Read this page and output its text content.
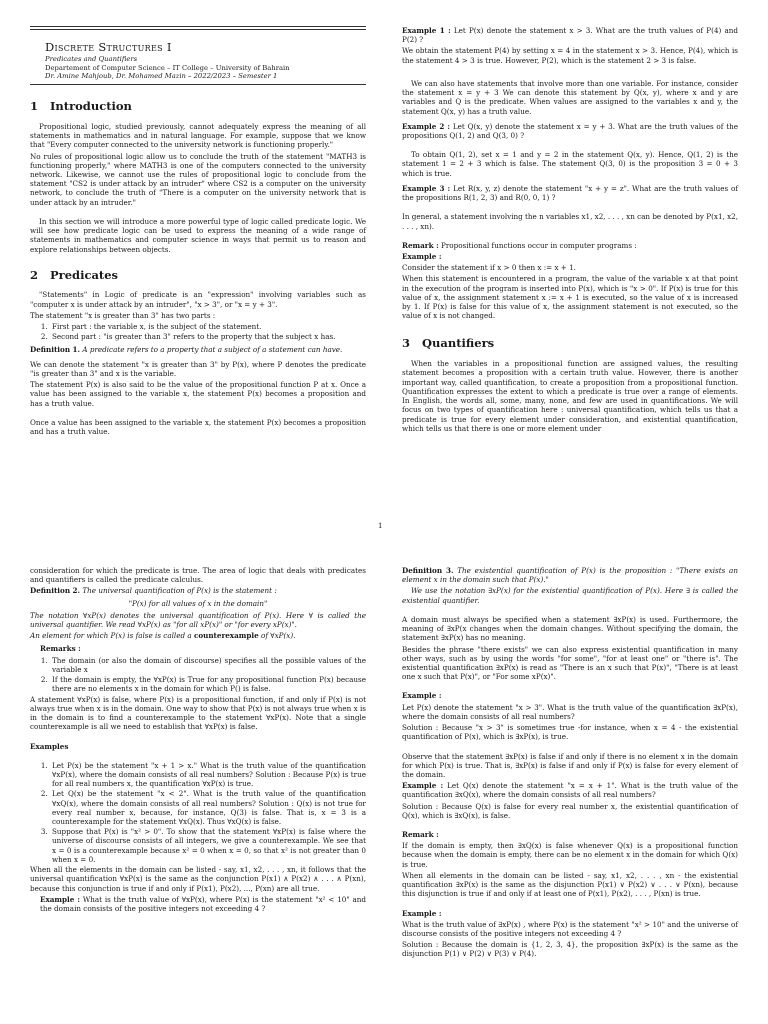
Discrete Structures I
Predicates and Quantifiers
Departement of Computer Science – IT College – University of Bahrain
Dr. Amine Mahjoub, Dr. Mohamed Mazin – 2022/2023 – Semester 1
1 Introduction

Propositional logic, studied previously, cannot adequately express the meaning of all statements in mathematics and in natural language. For example, suppose that we know that "Every computer connected to the university network is functioning properly."

No rules of propositional logic allow us to conclude the truth of the statement "MATH3 is functioning properly," where MATH3 is one of the computers connected to the university network. Likewise, we cannot use the rules of propositional logic to conclude from the statement "CS2 is under attack by an intruder" where CS2 is a computer on the university network, to conclude the truth of "There is a computer on the university network that is under attack by an intruder."

In this section we will introduce a more powerful type of logic called predicate logic. We will see how predicate logic can be used to express the meaning of a wide range of statements in mathematics and computer science in ways that permit us to reason and explore relationships between objects.

2 Predicates

"Statements" in Logic of predicate is an "expression" involving variables such as "computer x is under attack by an intruder", "x > 3", or "x = y + 3".

The statement "x is greater than 3" has two parts :

1. First part : the variable x, is the subject of the statement.
2. Second part : "is greater than 3" refers to the property that the subject x has.

Definition 1. A predicate refers to a property that a subject of a statement can have.

We can denote the statement "x is greater than 3" by P(x), where P denotes the predicate "is greater than 3" and x is the variable.

The statement P(x) is also said to be the value of the propositional function P at x. Once a value has been assigned to the variable x, the statement P(x) becomes a proposition and has a truth value.

Once a value has been assigned to the variable x, the statement P(x) becomes a proposition and has a truth value.

Example 1 : Let P(x) denote the statement x > 3. What are the truth values of P(4) and P(2) ?

We obtain the statement P(4) by setting x = 4 in the statement x > 3. Hence, P(4), which is the statement 4 > 3 is true. However, P(2), which is the statement 2 > 3 is false.

We can also have statements that involve more than one variable. For instance, consider the statement x = y + 3 We can denote this statement by Q(x, y), where x and y are variables and Q is the predicate. When values are assigned to the variables x and y, the statement Q(x, y) has a truth value.

Example 2 : Let Q(x, y) denote the statement x = y + 3. What are the truth values of the propositions Q(1, 2) and Q(3, 0) ?

To obtain Q(1, 2), set x = 1 and y = 2 in the statement Q(x, y). Hence, Q(1, 2) is the statement 1 = 2 + 3 which is false. The statement Q(3, 0) is the proposition 3 = 0 + 3 which is true.

Example 3 : Let R(x, y, z) denote the statement "x + y = z". What are the truth values of the propositions R(1, 2, 3) and R(0, 0, 1) ?

In general, a statement involving the n variables x1, x2, . . . , xn can be denoted by P(x1, x2, . . . , xn).

Remark : Propositional functions occur in computer programs :

Example :

Consider the statement if x > 0 then x := x + 1.

When this statement is encountered in a program, the value of the variable x at that point in the execution of the program is inserted into P(x), which is "x > 0". If P(x) is true for this value of x, the assignment statement x := x + 1 is executed, so the value of x is increased by 1. If P(x) is false for this value of x, the assignment statement is not executed, so the value of x is not changed.

3 Quantifiers

When the variables in a propositional function are assigned values, the resulting statement becomes a proposition with a certain truth value. However, there is another important way, called quantification, to create a proposition from a propositional function. Quantification expresses the extent to which a predicate is true over a range of elements. In English, the words all, some, many, none, and few are used in quantifications. We will focus on two types of quantification here : universal quantification, which tells us that a predicate is true for every element under consideration, and existential quantification, which tells us that there is one or more element under

1

consideration for which the predicate is true. The area of logic that deals with predicates and quantifiers is called the predicate calculus.

Definition 2. The universal quantification of P(x) is the statement :

"P(x) for all values of x in the domain"

The notation ∀xP(x) denotes the universal quantification of P(x). Here ∀ is called the universal quantifier. We read ∀xP(x) as "for all xP(x)" or "for every xP(x)".

An element for which P(x) is false is called a counterexample of ∀xP(x).

Remarks :

1. The domain (or also the domain of discourse) specifies all the possible values of the variable x
2. If the domain is empty, the ∀xP(x) is True for any propositional function P(x) because there are no elements x in the domain for which P() is false.

A statement ∀xP(x) is false, where P(x) is a propositional function, if and only if P(x) is not always true when x is in the domain. One way to show that P(x) is not always true when x is in the domain is to find a counterexample to the statement ∀xP(x). Note that a single counterexample is all we need to establish that ∀xP(x) is false.

Examples

1. Let P(x) be the statement "x + 1 > x." What is the truth value of the quantification ∀xP(x), where the domain consists of all real numbers? Solution : Because P(x) is true for all real numbers x, the quantification ∀xP(x) is true.
2. Let Q(x) be the statement "x < 2". What is the truth value of the quantification ∀xQ(x), where the domain consists of all real numbers? Solution : Q(x) is not true for every real number x, because, for instance, Q(3) is false. That is, x = 3 is a counterexample for the statement ∀xQ(x). Thus ∀xQ(x) is false.
3. Suppose that P(x) is "x² > 0". To show that the statement ∀xP(x) is false where the universe of discourse consists of all integers, we give a counterexample. We see that x = 0 is a counterexample because x² = 0 when x = 0, so that x² is not greater than 0 when x = 0.

When all the elements in the domain can be listed - say, x1, x2, . . . , xn, it follows that the universal quantification ∀xP(x) is the same as the conjunction P(x1) ∧ P(x2) ∧ . . . ∧ P(xn), because this conjunction is true if and only if P(x1), P(x2), ..., P(xn) are all true.

Example : What is the truth value of ∀xP(x), where P(x) is the statement "x² < 10" and the domain consists of the positive integers not exceeding 4 ?

Definition 3. The existential quantification of P(x) is the proposition : "There exists an element x in the domain such that P(x)."

We use the notation ∃xP(x) for the existential quantification of P(x). Here ∃ is called the existential quantifier.

A domain must always be specified when a statement ∃xP(x) is used. Furthermore, the meaning of ∃xP(x changes when the domain changes. Without specifying the domain, the statement ∃xP(x) has no meaning.

Besides the phrase "there exists" we can also express existential quantification in many other ways, such as by using the words "for some", "for at least one" or "there is". The existential quantification ∃xP(x) is read as "There is an x such that P(x)", "There is at least one x such that P(x)", or "For some xP(x)".

Example :

Let P(x) denote the statement "x > 3". What is the truth value of the quantification ∃xP(x), where the domain consists of all real numbers?

Solution : Because "x > 3" is sometimes true -for instance, when x = 4 - the existential quantification of P(x), which is ∃xP(x), is true.

Observe that the statement ∃xP(x) is false if and only if there is no element x in the domain for which P(x) is true. That is, ∃xP(x) is false if and only if P(x) is false for every element of the domain.

Example : Let Q(x) denote the statement "x = x + 1". What is the truth value of the quantification ∃xQ(x), where the domain consists of all real numbers?

Solution : Because Q(x) is false for every real number x, the existential quantification of Q(x), which is ∃xQ(x), is false.

Remark :

If the domain is empty, then ∃xQ(x) is false whenever Q(x) is a propositional function because when the domain is empty, there can be no element x in the domain for which Q(x) is true.

When all elements in the domain can be listed - say, x1, x2, . . . , xn - the existential quantification ∃xP(x) is the same as the disjunction P(x1) ∨ P(x2) ∨ . . . ∨ P(xn), because this disjunction is true if and only if at least one of P(x1), P(x2), . . . , P(xn) is true.

Example :

What is the truth value of ∃xP(x) , where P(x) is the statement "x² > 10" and the universe of discourse consists of the positive integers not exceeding 4 ?

Solution : Because the domain is {1, 2, 3, 4}, the proposition ∃xP(x) is the same as the disjunction P(1) ∨ P(2) ∨ P(3) ∨ P(4).
